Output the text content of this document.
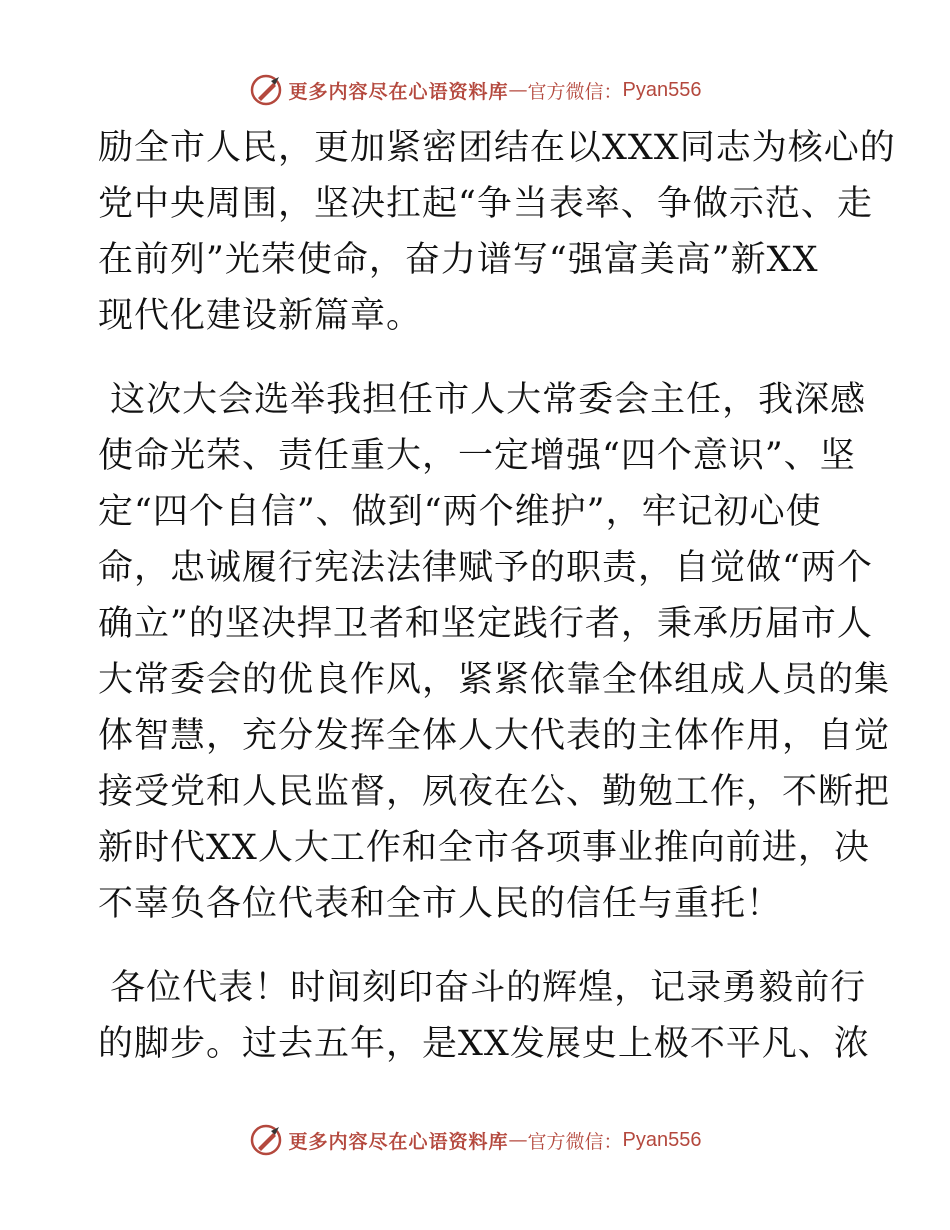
更多内容尽在心语资料库 — 官方微信： Pyan556
励全市人民，更加紧密团结在以XXX同志为核心的
党中央周围，坚决扛起“争当表率、争做示范、走
在前列”光荣使命，奋力谱写“强富美高”新XX
现代化建设新篇章。
这次大会选举我担任市人大常委会主任，我深感
使命光荣、责任重大，一定增强“四个意识”、坚
定“四个自信”、做到“两个维护”，牢记初心使
命，忠诚履行宪法法律赋予的职责，自觉做“两个
确立”的坚决捍卫者和坚定践行者，秉承历届市人
大常委会的优良作风，紧紧依靠全体组成人员的集
体智慧，充分发挥全体人大代表的主体作用，自觉
接受党和人民监督，夙夜在公、勤勉工作，不断把
新时代XX人大工作和全市各项事业推向前进，决
不辜负各位代表和全市人民的信任与重托！
各位代表！时间刻印奋斗的辉煌，记录勇毅前行
的脚步。过去五年，是XX发展史上极不平凡、浓
更多内容尽在心语资料库 — 官方微信： Pyan556
